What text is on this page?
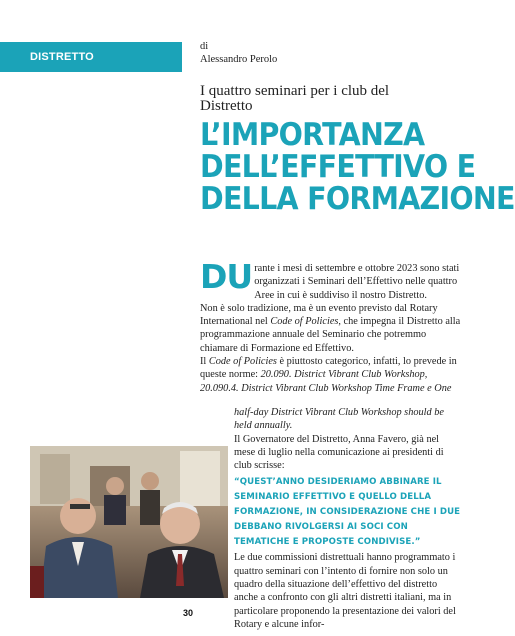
DISTRETTO
di
Alessandro Perolo
I quattro seminari per i club del Distretto
L’IMPORTANZA
DELL’EFFETTIVO E
DELLA FORMAZIONE
DU rante i mesi di settembre e ottobre 2023 sono stati organizzati i Seminari dell’Effettivo nelle quattro Aree in cui è suddiviso il nostro Distretto.

Non è solo tradizione, ma è un evento previsto dal Rotary International nel Code of Policies, che impegna il Distretto alla programmazione annuale del Seminario che potremmo chiamare di Formazione ed Effettivo.

Il Code of Policies è piuttosto categorico, infatti, lo prevede in queste norme: 20.090. District Vibrant Club Workshop, 20.090.4. District Vibrant Club Workshop Time Frame e One

half-day District Vibrant Club Workshop should be held annually.

Il Governatore del Distretto, Anna Favero, già nel mese di luglio nella comunicazione ai presidenti di club scrisse:

“QUEST’ANNO DESIDERIAMO ABBINARE IL SEMINARIO EFFETTIVO E QUELLO DELLA FORMAZIONE, IN CONSIDERAZIONE CHE I DUE DEBBANO RIVOLGERSI AI SOCI CON TEMATICHE E PROPOSTE CONDIVISE.”

Le due commissioni distrettuali hanno programmato i quattro seminari con l’intento di fornire non solo un quadro della situazione dell’effettivo del distretto anche a confronto con gli altri distretti italiani, ma in particolare proponendo la presentazione dei valori del Rotary e alcune infor-

30
